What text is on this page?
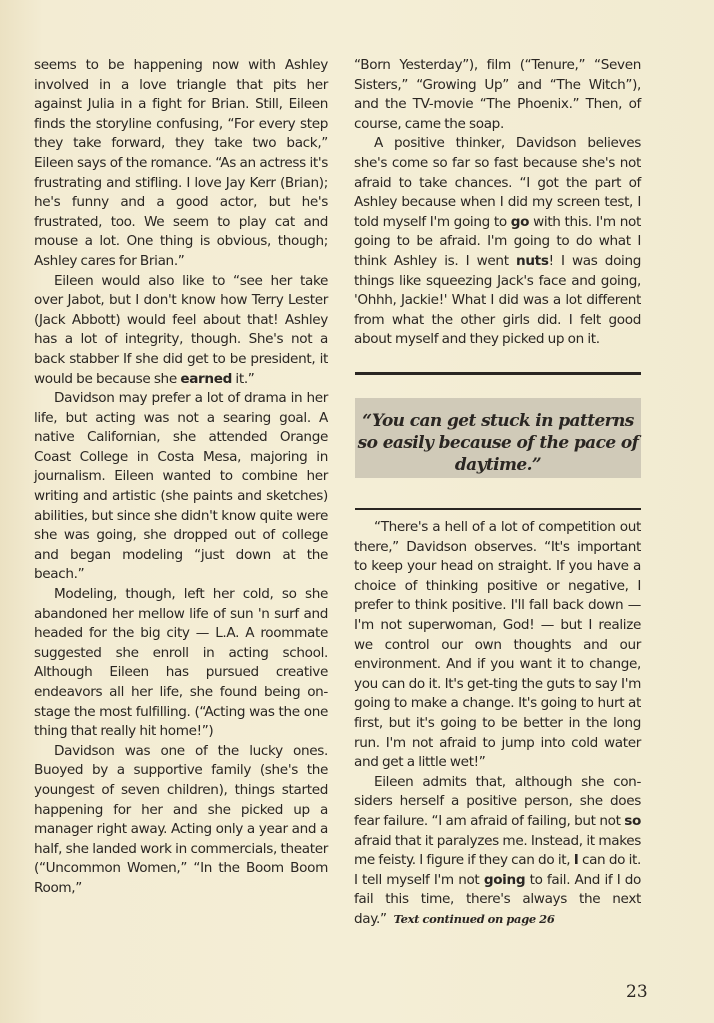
seems to be happening now with Ashley involved in a love triangle that pits her against Julia in a fight for Brian. Still, Eileen finds the storyline confusing, “For every step they take forward, they take two back,” Eileen says of the romance. “As an actress it's frustrating and stifling. I love Jay Kerr (Brian); he's funny and a good actor, but he's frustrated, too. We seem to play cat and mouse a lot. One thing is obvious, though; Ashley cares for Brian.”

Eileen would also like to “see her take over Jabot, but I don't know how Terry Lester (Jack Abbott) would feel about that! Ashley has a lot of integrity, though. She's not a back stabber If she did get to be president, it would be because she earned it.”

Davidson may prefer a lot of drama in her life, but acting was not a searing goal. A native Californian, she attended Orange Coast College in Costa Mesa, majoring in journalism. Eileen wanted to combine her writing and artistic (she paints and sketches) abilities, but since she didn't know quite were she was going, she dropped out of college and began modeling “just down at the beach.”

Modeling, though, left her cold, so she abandoned her mellow life of sun 'n surf and headed for the big city — L.A. A roommate suggested she enroll in acting school. Although Eileen has pursued creative endeavors all her life, she found being on-stage the most fulfilling. (“Acting was the one thing that really hit home!”)

Davidson was one of the lucky ones. Buoyed by a supportive family (she's the youngest of seven children), things started happening for her and she picked up a manager right away. Acting only a year and a half, she landed work in commercials, theater (“Uncommon Women,” “In the Boom Boom Room,”

“Born Yesterday”), film (“Tenure,” “Seven Sisters,” “Growing Up” and “The Witch”), and the TV-movie “The Phoenix.” Then, of course, came the soap.

A positive thinker, Davidson believes she's come so far so fast because she's not afraid to take chances. “I got the part of Ashley because when I did my screen test, I told myself I'm going to go with this. I'm not going to be afraid. I'm going to do what I think Ashley is. I went nuts! I was doing things like squeezing Jack's face and going, 'Ohhh, Jackie!' What I did was a lot different from what the other girls did. I felt good about myself and they picked up on it.

“You can get stuck in patterns so easily because of the pace of daytime.”

“There's a hell of a lot of competition out there,” Davidson observes. “It's important to keep your head on straight. If you have a choice of thinking positive or negative, I prefer to think positive. I'll fall back down — I'm not superwoman, God! — but I realize we control our own thoughts and our environment. And if you want it to change, you can do it. It's get-ting the guts to say I'm going to make a change. It's going to hurt at first, but it's going to be better in the long run. I'm not afraid to jump into cold water and get a little wet!”

Eileen admits that, although she con-siders herself a positive person, she does fear failure. “I am afraid of failing, but not so afraid that it paralyzes me. Instead, it makes me feisty. I figure if they can do it, I can do it. I tell myself I'm not going to fail. And if I do fail this time, there's always the next day.” Text continued on page 26

23
